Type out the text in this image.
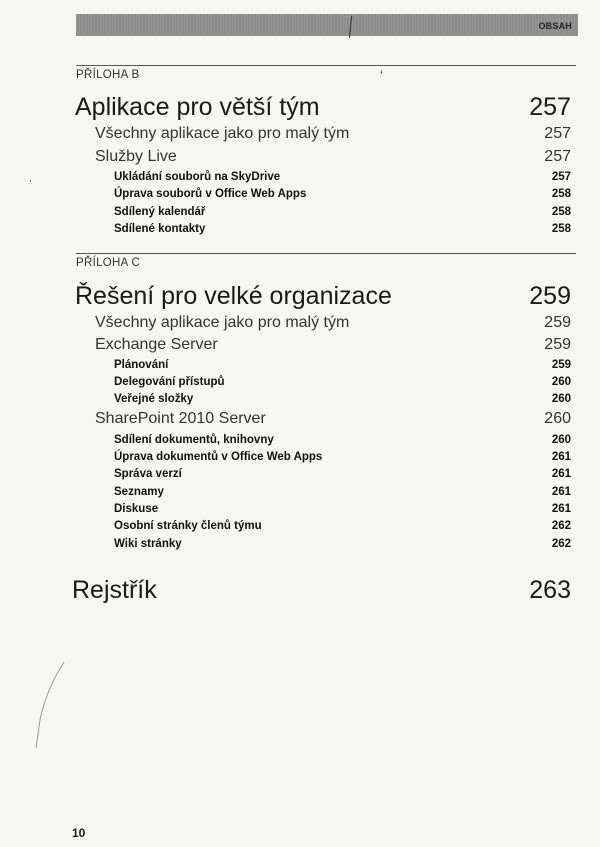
OBSAH
ʻ
PŘÍLOHA B
Aplikace pro větší tým	257
Všechny aplikace jako pro malý tým	257
Služby Live	257
Ukládání souborů na SkyDrive	257
Úprava souborů v Office Web Apps	258
Sdílený kalendář	258
Sdílené kontakty	258
PŘÍLOHA C
Řešení pro velké organizace	259
Všechny aplikace jako pro malý tým	259
Exchange Server	259
Plánování	259
Delegování přístupů	260
Veřejné složky	260
SharePoint 2010 Server	260
Sdílení dokumentů, knihovny	260
Úprava dokumentů v Office Web Apps	261
Správa verzí	261
Seznamy	261
Diskuse	261
Osobní stránky členů týmu	262
Wiki stránky	262
Rejstřík	263
10
